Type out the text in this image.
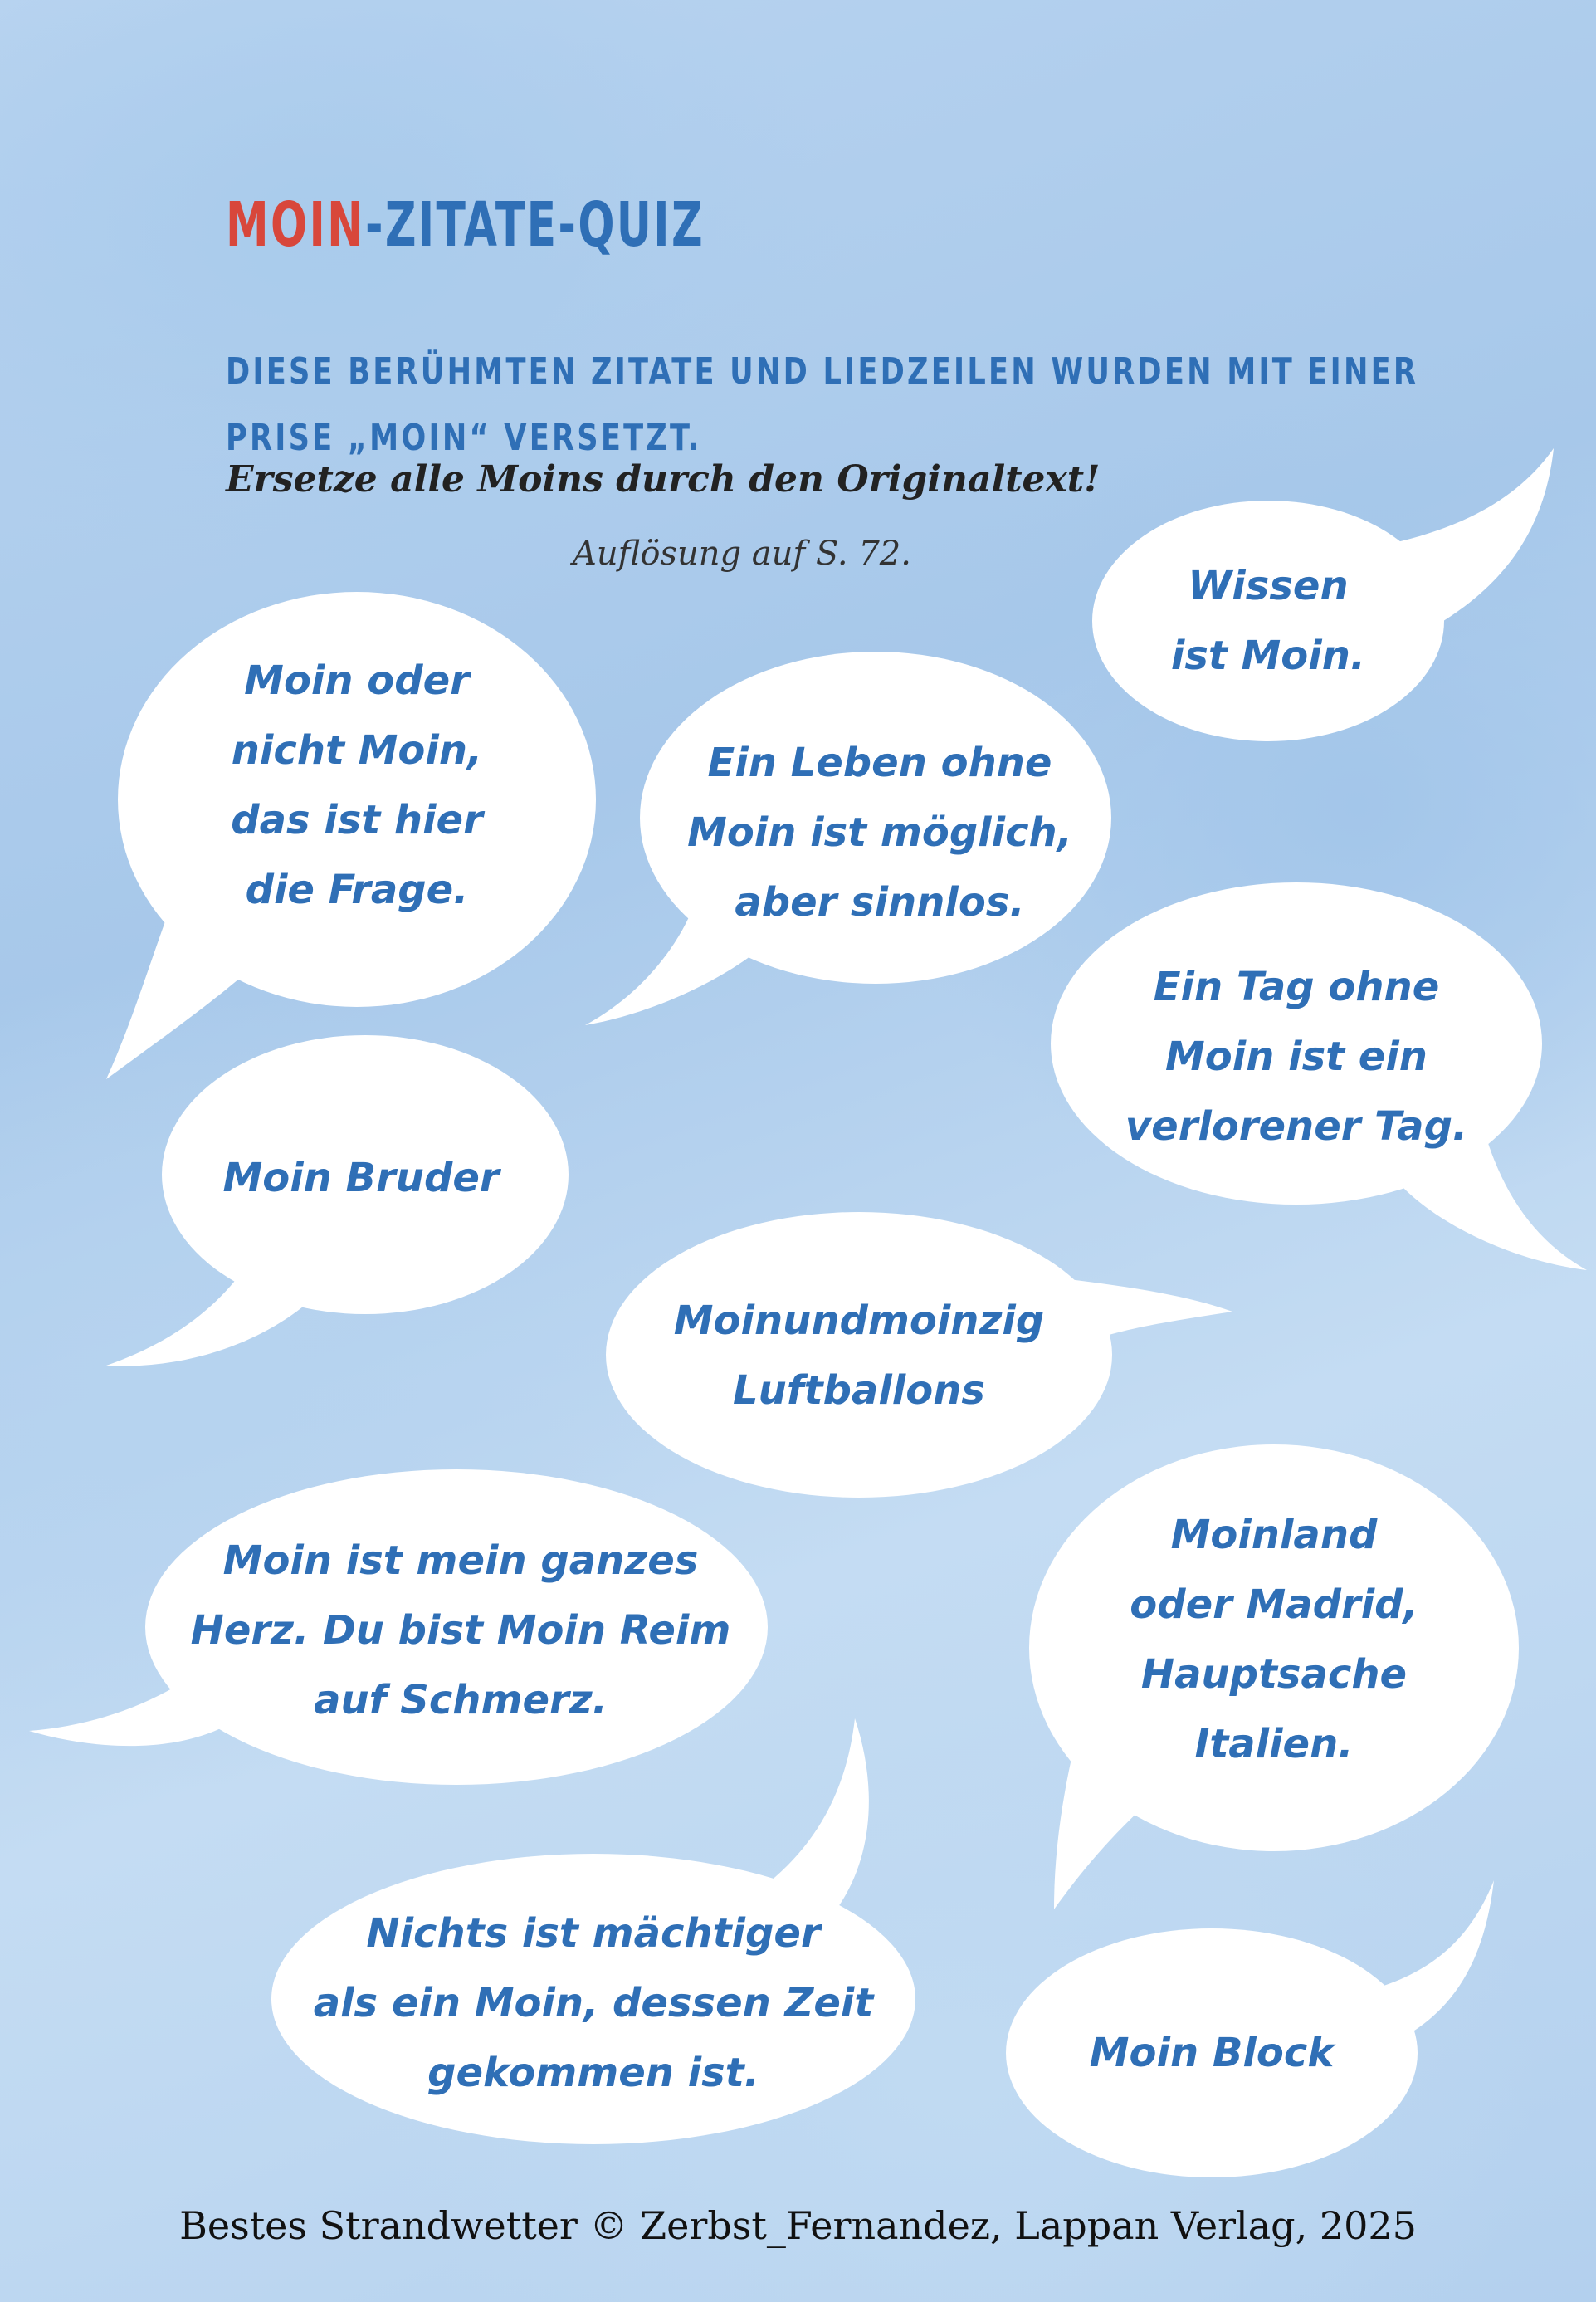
MOIN-ZITATE-QUIZ

DIESE BERÜHMTEN ZITATE UND LIEDZEILEN WURDEN MIT EINER
PRISE „MOIN“ VERSETZT.

Ersetze alle Moins durch den Originaltext!

Auflösung auf S. 72.

Wissen
ist Moin.

Moin oder
nicht Moin,
das ist hier
die Frage.

Ein Leben ohne
Moin ist möglich,
aber sinnlos.

Ein Tag ohne
Moin ist ein
verlorener Tag.

Moin Bruder

Moinundmoinzig
Luftballons

Moin ist mein ganzes
Herz. Du bist Moin Reim
auf Schmerz.

Moinland
oder Madrid,
Hauptsache
Italien.

Nichts ist mächtiger
als ein Moin, dessen Zeit
gekommen ist.	Moin Block

Bestes Strandwetter © Zerbst_Fernandez, Lappan Verlag, 2025
